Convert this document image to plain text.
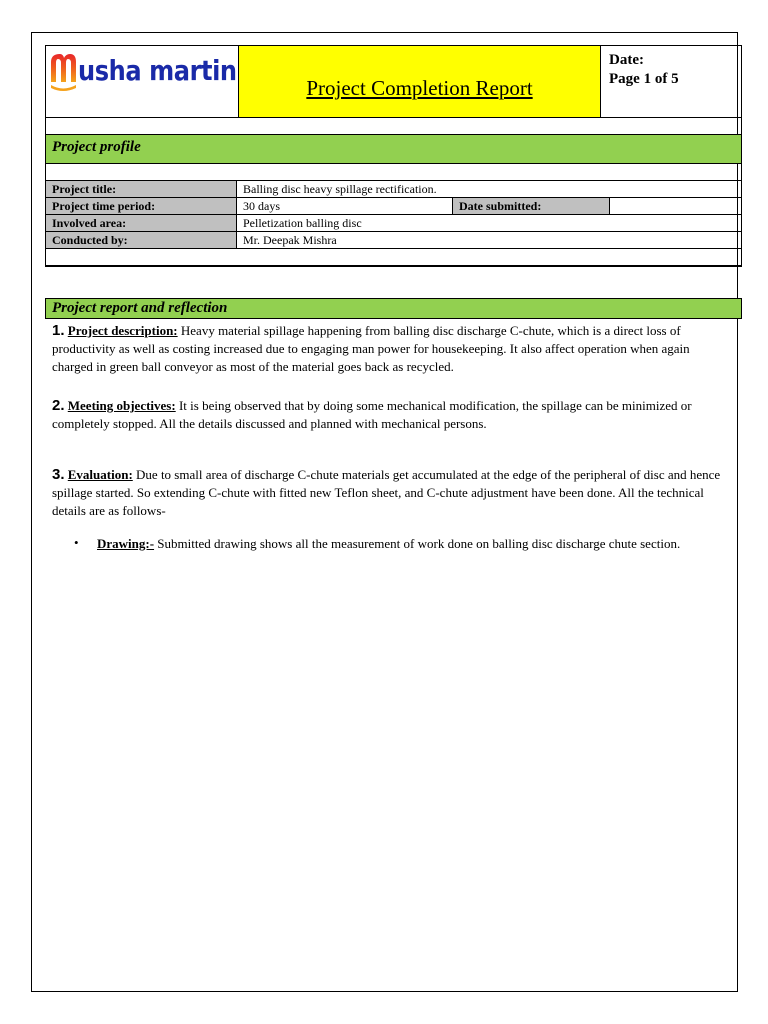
usha martin
Project Completion Report
Date:
Page 1 of 5
Project profile
Project title:	Balling disc heavy spillage rectification.		
Project time period:	30 days	Date submitted:	
Involved area:	Pelletization balling disc		
Conducted by:	Mr. Deepak Mishra		
Project report and reflection

1. Project description: Heavy material spillage happening from balling disc discharge C-chute, which is a direct loss of productivity as well as costing increased due to engaging man power for housekeeping. It also affect operation when again charged in green ball conveyor as most of the material goes back as recycled.

2. Meeting objectives: It is being observed that by doing some mechanical modification, the spillage can be minimized or completely stopped. All the details discussed and planned with mechanical persons.

3. Evaluation: Due to small area of discharge C-chute materials get accumulated at the edge of the peripheral of disc and hence spillage started. So extending C-chute with fitted new Teflon sheet, and C-chute adjustment have been done. All the technical details are as follows-

• Drawing:- Submitted drawing shows all the measurement of work done on balling disc discharge chute section.
